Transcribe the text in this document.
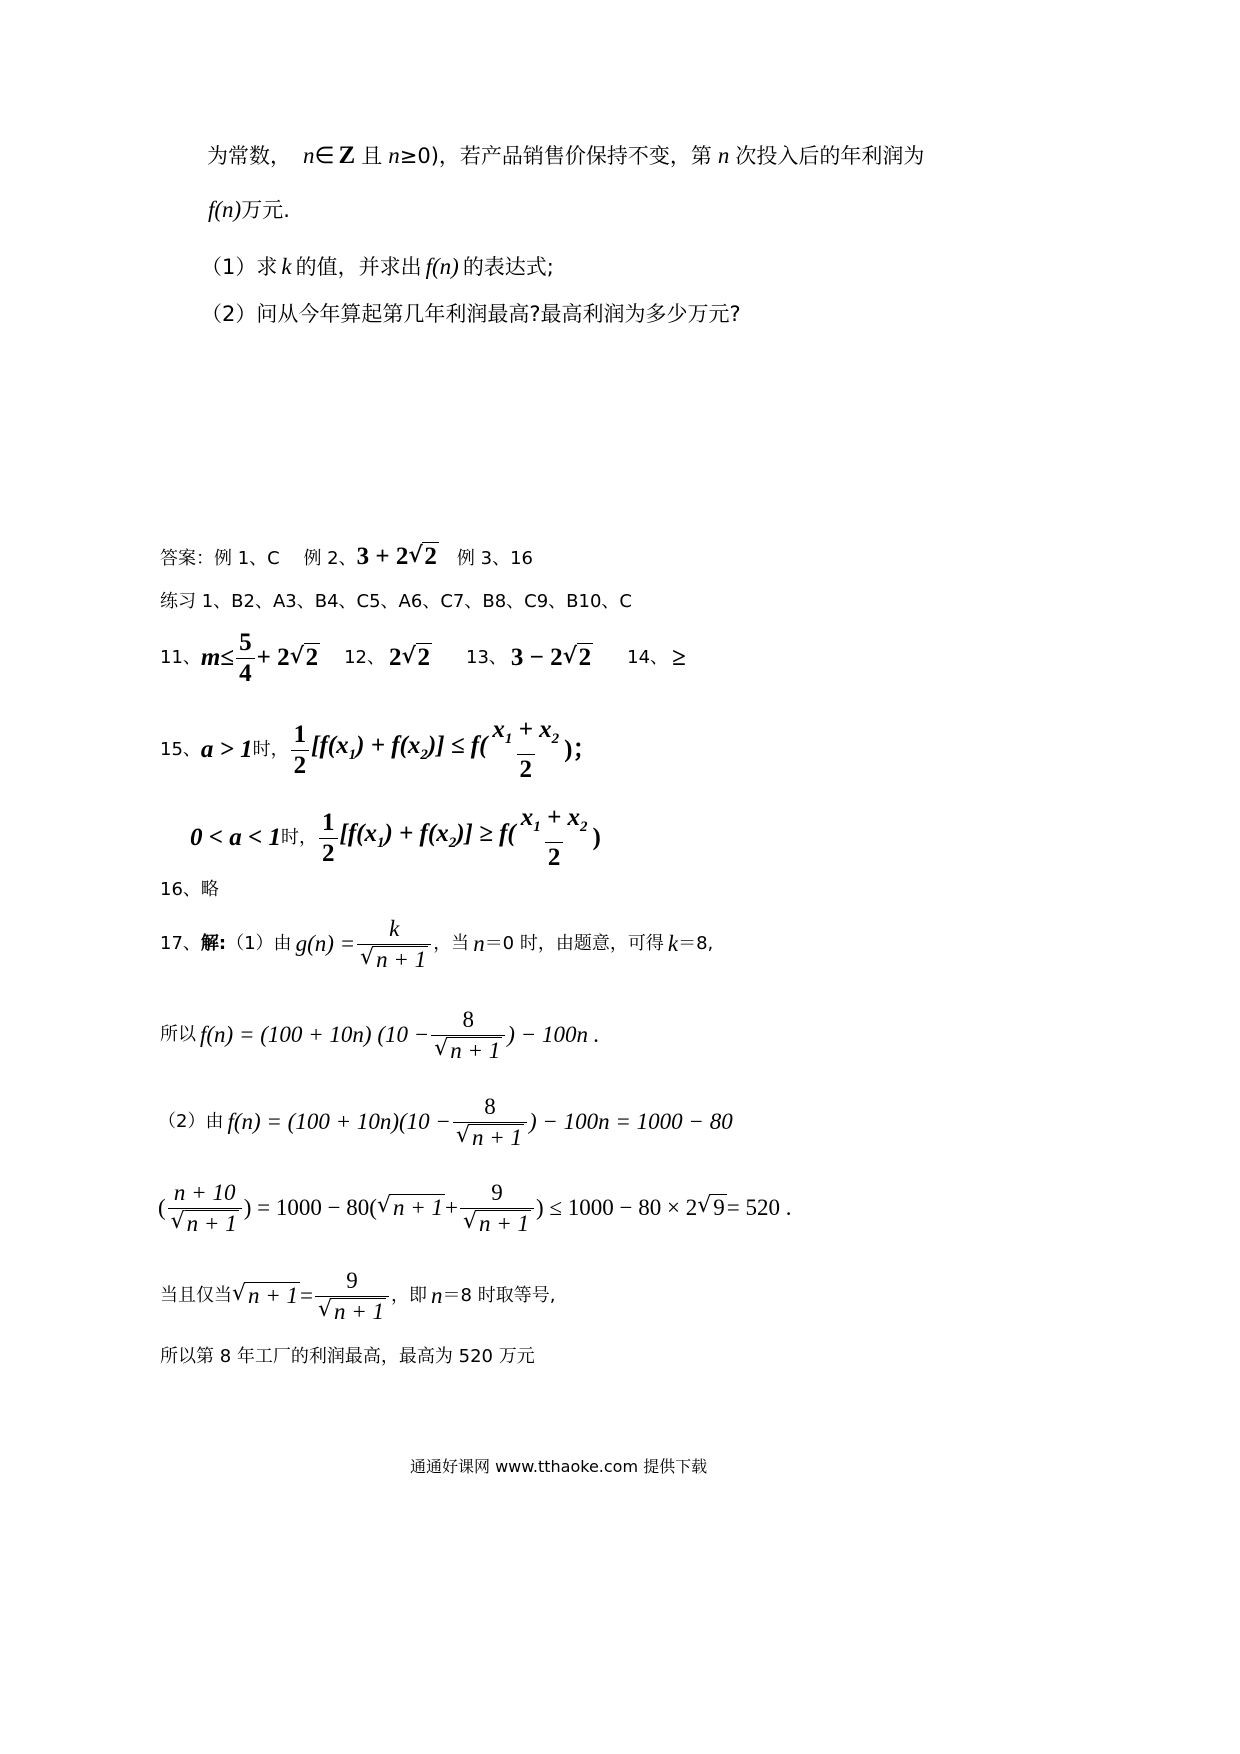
为常数， n∈ Z 且 n≥0)，若产品销售价保持不变，第 n 次投入后的年利润为
f(n)万元.
（1）求 k 的值，并求出 f(n) 的表达式;
（2）问从今年算起第几年利润最高?最高利润为多少万元?
答案：例 1、C　 例 2、3 + 2 √ 2　例 3、16
练习 1、B2、A3、B4、C5、A6、C7、B8、C9、B10、C
11、 $m \le \frac{5}{4} + 2$ √ 2 12、 2 √ 2 13、 3 − 2 √ 2 14、 ≥
15、 a > 1 时， $\frac{1}{2} [f(x_1) + f(x_2)] \le f( \frac{x_1 + x_2}{2}$ )；
0 < a < 1 时， $\frac{1}{2} [f(x_1) + f(x_2)] \ge f( \frac{x_1 + x_2}{2}$ )
16、略
17、 解: （1）由 g(n) = k
√ n + 1 ，当 n ＝0 时，由题意，可得 k ＝8,
所以 f(n) = (100 + 10n) (10 − 8
√ n + 1 ) − 100n .
（2）由 f(n) = (100 + 10n)(10 − 8
√ n + 1 ) − 100n = 1000 − 80
( n + 10
√ n + 1 ) = 1000 − 80( √ n + 1 + 9
√ n + 1 ) ≤ 1000 − 80 × 2 √ 9 = 520 .
当且仅当 √ n + 1 = 9
√ n + 1 ，即 n ＝8 时取等号,
所以第 8 年工厂的利润最高，最高为 520 万元
通通好课网 www.tthaoke.com 提供下载
